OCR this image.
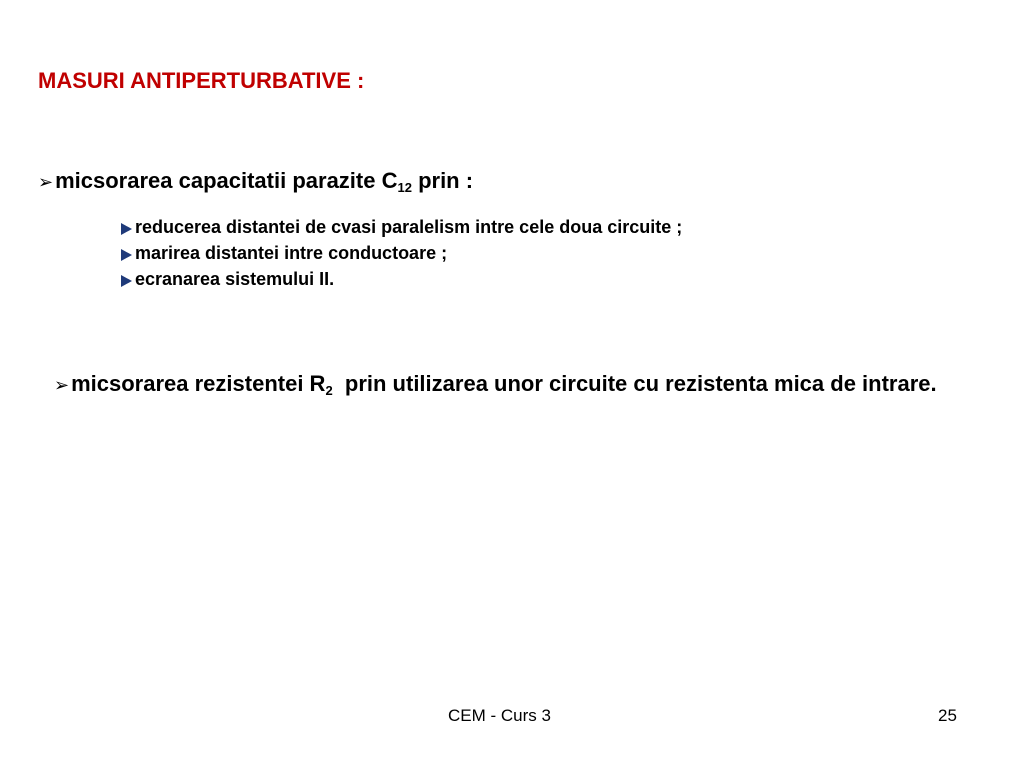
MASURI ANTIPERTURBATIVE :
➢micsorarea capacitatii parazite $C_{12}$ prin :
reducerea distantei de cvasi paralelism intre cele doua circuite ;
marirea distantei intre conductoare ;
ecranarea sistemului II.
➢micsorarea rezistentei $R_2$  prin utilizarea unor circuite cu rezistenta mica de intrare.
CEM - Curs 3	25
